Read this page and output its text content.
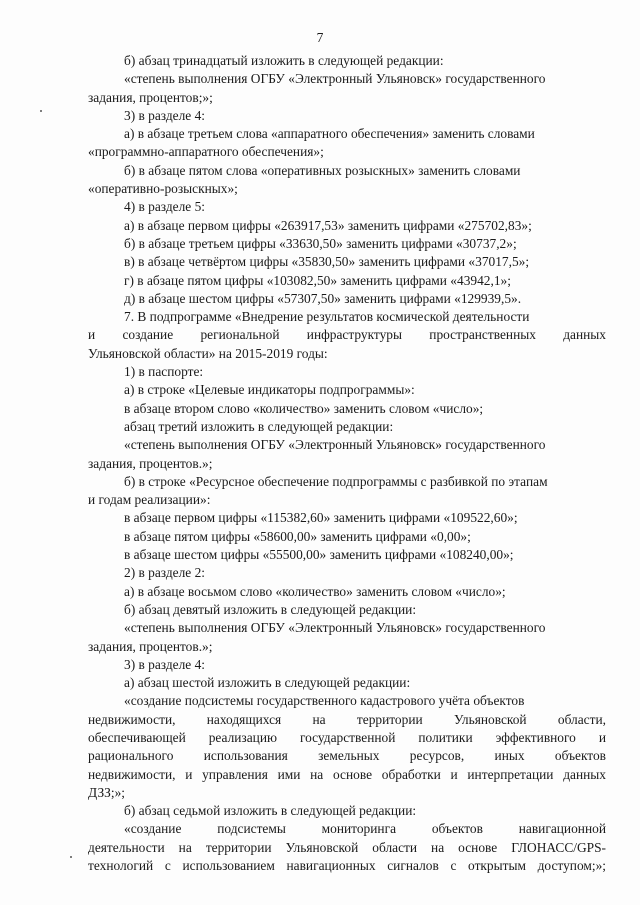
7

б) абзац тринадцатый изложить в следующей редакции:

«степень выполнения ОГБУ «Электронный Ульяновск» государственного

задания, процентов;»;

3) в разделе 4:

а) в абзаце третьем слова «аппаратного обеспечения» заменить словами

«программно-аппаратного обеспечения»;

б) в абзаце пятом слова «оперативных розыскных» заменить словами

«оперативно-розыскных»;

4) в разделе 5:

а) в абзаце первом цифры «263917,53» заменить цифрами «275702,83»;

б) в абзаце третьем цифры «33630,50» заменить цифрами «30737,2»;

в) в абзаце четвёртом цифры «35830,50» заменить цифрами «37017,5»;

г) в абзаце пятом цифры «103082,50» заменить цифрами «43942,1»;

д) в абзаце шестом цифры «57307,50» заменить цифрами «129939,5».

7. В подпрограмме «Внедрение результатов космической деятельности

и создание региональной инфраструктуры пространственных данных

Ульяновской области» на 2015-2019 годы:

1) в паспорте:

а) в строке «Целевые индикаторы подпрограммы»:

в абзаце втором слово «количество» заменить словом «число»;

абзац третий изложить в следующей редакции:

«степень выполнения ОГБУ «Электронный Ульяновск» государственного

задания, процентов.»;

б) в строке «Ресурсное обеспечение подпрограммы с разбивкой по этапам

и годам реализации»:

в абзаце первом цифры «115382,60» заменить цифрами «109522,60»;

в абзаце пятом цифры «58600,00» заменить цифрами «0,00»;

в абзаце шестом цифры «55500,00» заменить цифрами «108240,00»;

2) в разделе 2:

а) в абзаце восьмом слово «количество» заменить словом «число»;

б) абзац девятый изложить в следующей редакции:

«степень выполнения ОГБУ «Электронный Ульяновск» государственного

задания, процентов.»;

3) в разделе 4:

а) абзац шестой изложить в следующей редакции:

«создание подсистемы государственного кадастрового учёта объектов

недвижимости, находящихся на территории Ульяновской области,

обеспечивающей реализацию государственной политики эффективного и

рационального использования земельных ресурсов, иных объектов

недвижимости, и управления ими на основе обработки и интерпретации данных

ДЗЗ;»;

б) абзац седьмой изложить в следующей редакции:

«создание подсистемы мониторинга объектов навигационной

деятельности на территории Ульяновской области на основе ГЛОНАСС/GPS-

технологий с использованием навигационных сигналов с открытым доступом;»;
